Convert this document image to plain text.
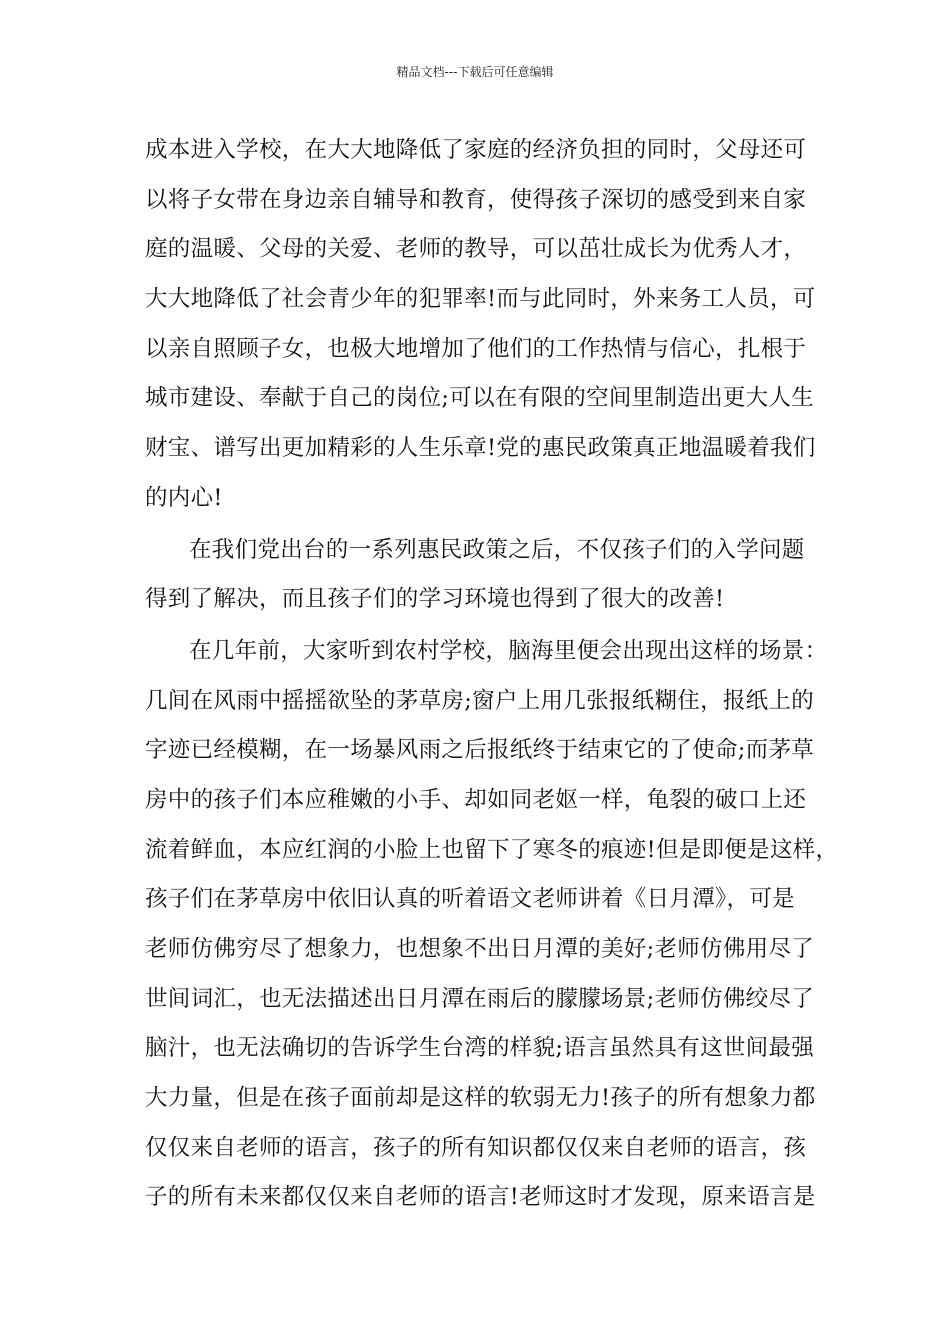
精品文档---下载后可任意编辑
成本进入学校，在大大地降低了家庭的经济负担的同时，父母还可
以将子女带在身边亲自辅导和教育，使得孩子深切的感受到来自家
庭的温暖、父母的关爱、老师的教导，可以茁壮成长为优秀人才，
大大地降低了社会青少年的犯罪率!而与此同时，外来务工人员，可
以亲自照顾子女，也极大地增加了他们的工作热情与信心，扎根于
城市建设、奉献于自己的岗位;可以在有限的空间里制造出更大人生
财宝、谱写出更加精彩的人生乐章!党的惠民政策真正地温暖着我们
的内心!
在我们党出台的一系列惠民政策之后，不仅孩子们的入学问题
得到了解决，而且孩子们的学习环境也得到了很大的改善!
在几年前，大家听到农村学校，脑海里便会出现出这样的场景：
几间在风雨中摇摇欲坠的茅草房;窗户上用几张报纸糊住，报纸上的
字迹已经模糊，在一场暴风雨之后报纸终于结束它的了使命;而茅草
房中的孩子们本应稚嫩的小手、却如同老妪一样，龟裂的破口上还
流着鲜血，本应红润的小脸上也留下了寒冬的痕迹!但是即便是这样，
孩子们在茅草房中依旧认真的听着语文老师讲着《日月潭》，可是
老师仿佛穷尽了想象力，也想象不出日月潭的美好;老师仿佛用尽了
世间词汇，也无法描述出日月潭在雨后的朦朦场景;老师仿佛绞尽了
脑汁，也无法确切的告诉学生台湾的样貌;语言虽然具有这世间最强
大力量，但是在孩子面前却是这样的软弱无力!孩子的所有想象力都
仅仅来自老师的语言，孩子的所有知识都仅仅来自老师的语言，孩
子的所有未来都仅仅来自老师的语言!老师这时才发现，原来语言是
